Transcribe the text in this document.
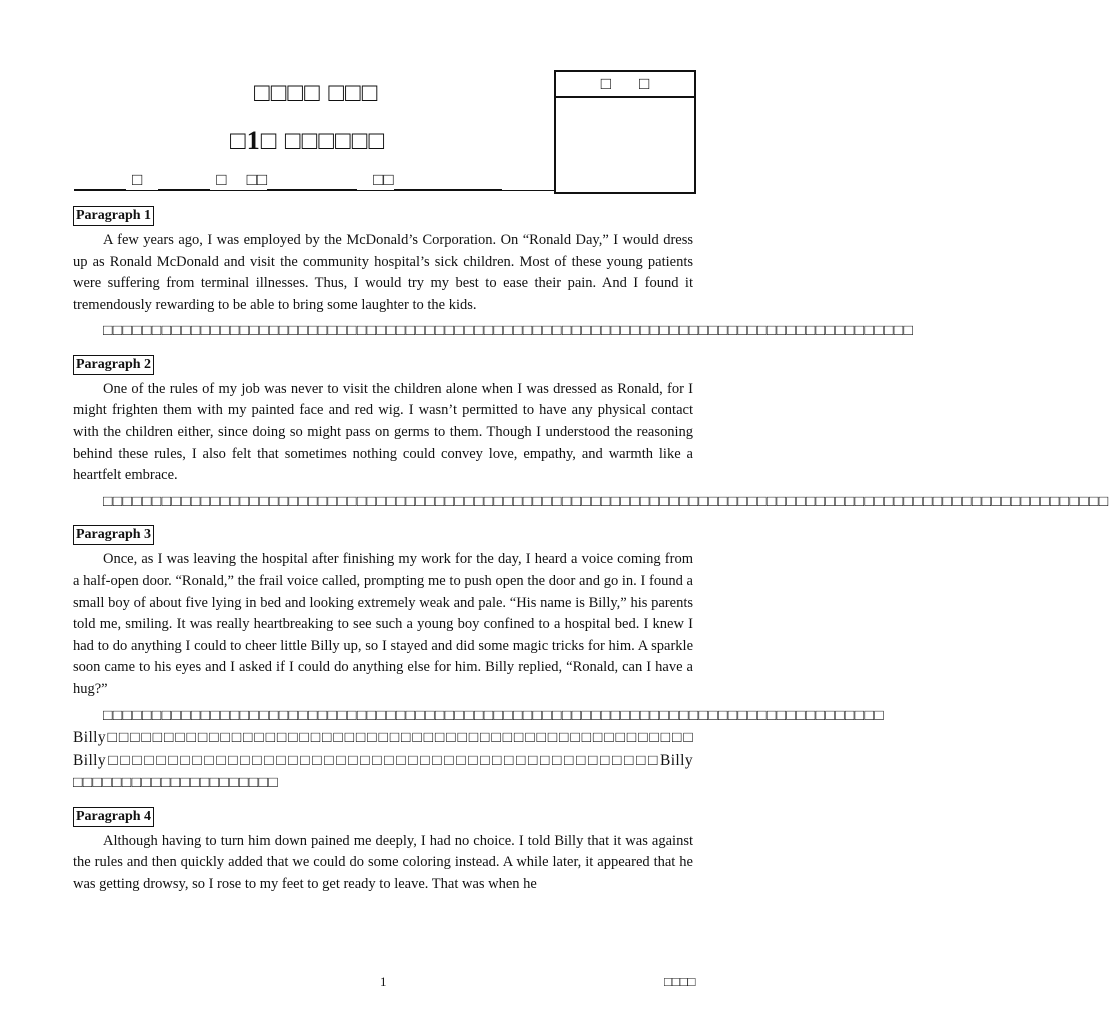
□□□□ □□□
□1□ □□□□□□
□	□ □□	□□
□ □
Paragraph 1

A few years ago, I was employed by the McDonald’s Corporation. On “Ronald Day,” I would dress up as Ronald McDonald and visit the community hospital’s sick children. Most of these young patients were suffering from terminal illnesses. Thus, I would try my best to ease their pain. And I found it tremendously rewarding to be able to bring some laughter to the kids.

□□□□□□□□□□□□□□□□□□□□□□□□□□□□□□□□□□□□□□□□□□□□□□□□□□□□□□□□□□□□□□□□□□□□□□□□□□□□□□□□□□□

Paragraph 2

One of the rules of my job was never to visit the children alone when I was dressed as Ronald, for I might frighten them with my painted face and red wig. I wasn’t permitted to have any physical contact with the children either, since doing so might pass on germs to them. Though I understood the reasoning behind these rules, I also felt that sometimes nothing could convey love, empathy, and warmth like a heartfelt embrace.

□□□□□□□□□□□□□□□□□□□□□□□□□□□□□□□□□□□□□□□□□□□□□□□□□□□□□□□□□□□□□□□□□□□□□□□□□□□□□□□□□□□□□□□□□□□□□□□□□□□□□□□

Paragraph 3

Once, as I was leaving the hospital after finishing my work for the day, I heard a voice coming from a half-open door. “Ronald,” the frail voice called, prompting me to push open the door and go in. I found a small boy of about five lying in bed and looking extremely weak and pale. “His name is Billy,” his parents told me, smiling. It was really heartbreaking to see such a young boy confined to a hospital bed. I knew I had to do anything I could to cheer little Billy up, so I stayed and did some magic tricks for him. A sparkle soon came to his eyes and I asked if I could do anything else for him. Billy replied, “Ronald, can I have a hug?”

□□□□□□□□□□□□□□□□□□□□□□□□□□□□□□□□□□□□□□□□□□□□□□□□□□□□□□□□□□□□□□□□□□□□□□□□□□□□□□□□ Billy□□□□□□□□□□□□□□□□□□□□□□□□□□□□□□□□□□□□□□□□□□□□□□□□□□□□ Billy□□□□□□□□□□□□□□□□□□□□□□□□□□□□□□□□□□□□□□□□□□□□□□Billy □□□□□□□□□□□□□□□□□□□□□

Paragraph 4

Although having to turn him down pained me deeply, I had no choice. I told Billy that it was against the rules and then quickly added that we could do some coloring instead. A while later, it appeared that he was getting drowsy, so I rose to my feet to get ready to leave. That was when he

1	□□□□
